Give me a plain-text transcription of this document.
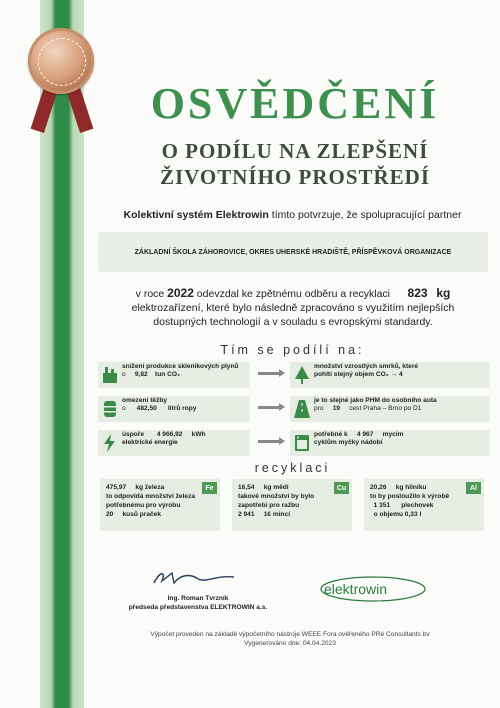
OSVĚDČENÍ
O PODÍLU NA ZLEPŠENÍ
ŽIVOTNÍHO PROSTŘEDÍ
Kolektivní systém Elektrowin tímto potvrzuje, že spolupracující partner
ZÁKLADNÍ ŠKOLA ZÁHOROVICE, OKRES UHERSKÉ HRADIŠTĚ, PŘÍSPĚVKOVÁ ORGANIZACE
v roce 2022 odevzdal ke zpětnému odběru a recyklaci 823 kg
elektrozařízení, které bylo následně zpracováno s využitím nejlepších
dostupných technologií a v souladu s evropskými standardy.
Tím se podílí na:
snížení produkce skleníkových plynů
o 9,82 tun CO₂
množství vzrostlých smrků, které
pohltí stejný objem CO₂ → 4
omezení těžby
o 482,50 litrů ropy
je to stejné jako PHM do osobního auta
pro 19 cest Praha – Brno po D1
úspoře 4 966,92 kWh
elektrické energie
potřebné k 4 967 mycím
cyklům myčky nádobí
recyklaci
Fe
475,97 kg železa
to odpovídá množství železa
potřebnému pro výrobu
20 kusů praček
Cu
16,54 kg mědi
takové množství by bylo
zapotřebí pro ražbu
2 941 1€ mincí
Al
20,26 kg hliníku
to by posloužilo k výrobě
1 351 plechovek
o objemu 0,33 l
Ing. Roman Tvrzník
předseda představenstva ELEKTROWIN a.s.
elektrowin
Výpočet proveden na základě výpočetního nástroje WEEE Fora ověřeného PRé Consultants bv
Vygenerováno dne: 04.04.2023
